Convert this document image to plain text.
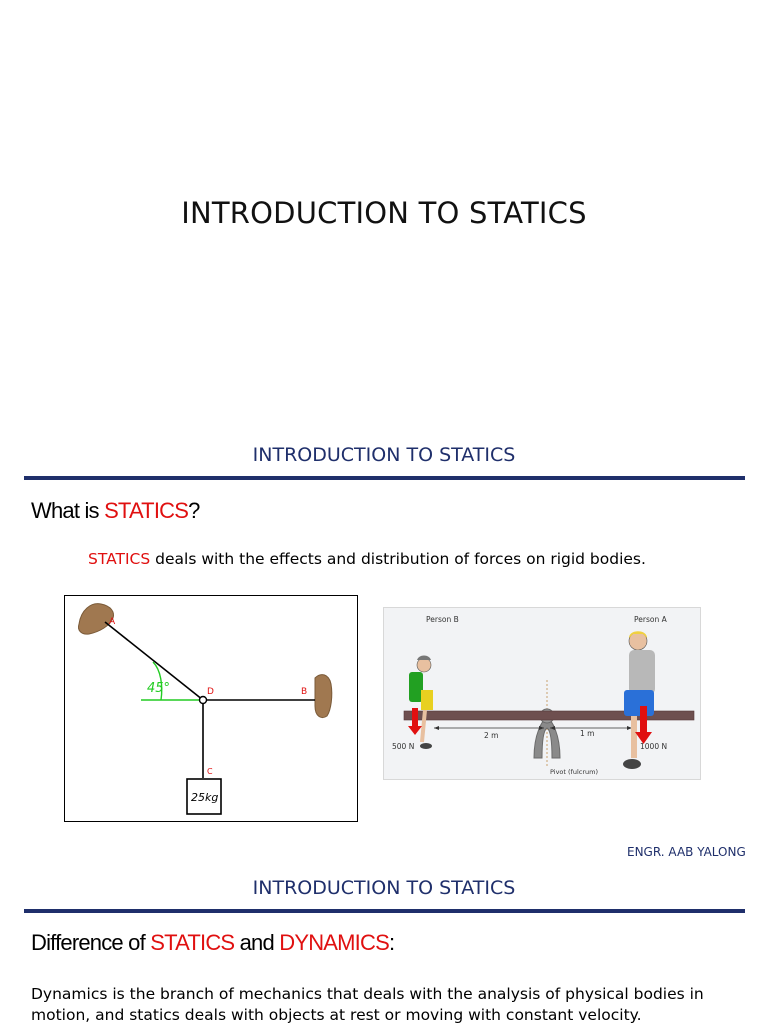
INTRODUCTION TO STATICS
INTRODUCTION TO STATICS
What is STATICS?
STATICS deals with the effects and distribution of forces on rigid bodies.
A
B
C
D
45°
25kg
Person B	Person A
2 m	1 m
500 N	1000 N
Pivot (fulcrum)
ENGR. AAB YALONG
INTRODUCTION TO STATICS
Difference of STATICS and DYNAMICS:
Dynamics is the branch of mechanics that deals with the analysis of physical bodies in motion, and statics deals with objects at rest or moving with constant velocity.
